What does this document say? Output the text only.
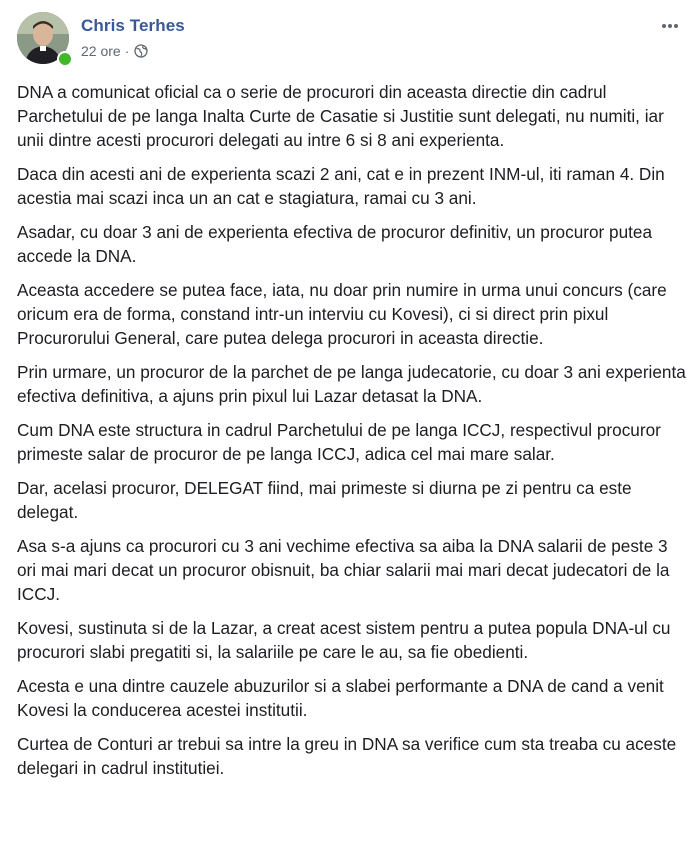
Chris Terhes
22 ore ·

DNA a comunicat oficial ca o serie de procurori din aceasta directie din cadrul Parchetului de pe langa Inalta Curte de Casatie si Justitie sunt delegati, nu numiti, iar unii dintre acesti procurori delegati au intre 6 si 8 ani experienta.

Daca din acesti ani de experienta scazi 2 ani, cat e in prezent INM-ul, iti raman 4. Din acestia mai scazi inca un an cat e stagiatura, ramai cu 3 ani.

Asadar, cu doar 3 ani de experienta efectiva de procuror definitiv, un procuror putea accede la DNA.

Aceasta accedere se putea face, iata, nu doar prin numire in urma unui concurs (care oricum era de forma, constand intr-un interviu cu Kovesi), ci si direct prin pixul Procurorului General, care putea delega procurori in aceasta directie.

Prin urmare, un procuror de la parchet de pe langa judecatorie, cu doar 3 ani experienta efectiva definitiva, a ajuns prin pixul lui Lazar detasat la DNA.

Cum DNA este structura in cadrul Parchetului de pe langa ICCJ, respectivul procuror primeste salar de procuror de pe langa ICCJ, adica cel mai mare salar.

Dar, acelasi procuror, DELEGAT fiind, mai primeste si diurna pe zi pentru ca este delegat.

Asa s-a ajuns ca procurori cu 3 ani vechime efectiva sa aiba la DNA salarii de peste 3 ori mai mari decat un procuror obisnuit, ba chiar salarii mai mari decat judecatori de la ICCJ.

Kovesi, sustinuta si de la Lazar, a creat acest sistem pentru a putea popula DNA-ul cu procurori slabi pregatiti si, la salariile pe care le au, sa fie obedienti.

Acesta e una dintre cauzele abuzurilor si a slabei performante a DNA de cand a venit Kovesi la conducerea acestei institutii.

Curtea de Conturi ar trebui sa intre la greu in DNA sa verifice cum sta treaba cu aceste delegari in cadrul institutiei.
